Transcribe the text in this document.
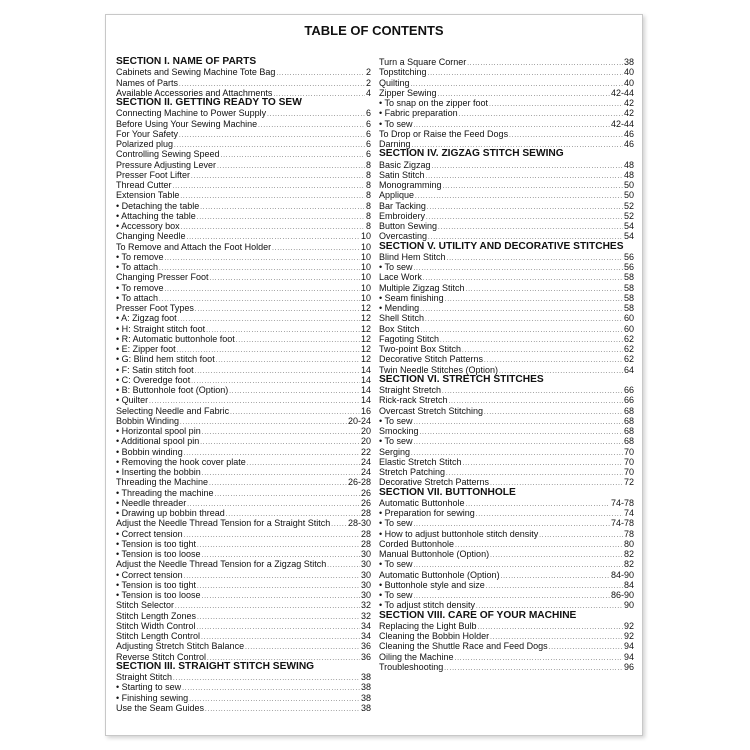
TABLE OF CONTENTS
SECTION I. NAME OF PARTS
Cabinets and Sewing Machine Tote Bag .....	2
Names of Parts .....	2
Available Accessories and Attachments .....	4
SECTION II. GETTING READY TO SEW
Connecting Machine to Power Supply .....	6
Before Using Your Sewing Machine .....	6
For Your Safety .....	6
Polarized plug .....	6
Controlling Sewing Speed .....	6
Pressure Adjusting Lever .....	8
Presser Foot Lifter .....	8
Thread Cutter .....	8
Extension Table .....	8
• Detaching the table .....	8
• Attaching the table .....	8
• Accessory box .....	8
Changing Needle .....	10
To Remove and Attach the Foot Holder .....	10
• To remove .....	10
• To attach .....	10
Changing Presser Foot .....	10
• To remove .....	10
• To attach .....	10
Presser Foot Types .....	12
• A: Zigzag foot .....	12
• H: Straight stitch foot .....	12
• R: Automatic buttonhole foot .....	12
• E: Zipper foot .....	12
• G: Blind hem stitch foot .....	12
• F: Satin stitch foot .....	14
• C: Overedge foot .....	14
• B: Buttonhole foot (Option) .....	14
• Quilter .....	14
Selecting Needle and Fabric .....	16
Bobbin Winding .....	20-24
• Horizontal spool pin .....	20
• Additional spool pin .....	20
• Bobbin winding .....	22
• Removing the hook cover plate .....	24
• Inserting the bobbin .....	24
Threading the Machine .....	26-28
• Threading the machine .....	26
• Needle threader .....	26
• Drawing up bobbin thread .....	28
Adjust the Needle Thread Tension for a Straight Stitch ..... 28-30
• Correct tension .....	28
• Tension is too tight .....	28
• Tension is too loose .....	30
Adjust the Needle Thread Tension for a Zigzag Stitch .....	30
• Correct tension .....	30
• Tension is too tight .....	30
• Tension is too loose .....	30
Stitch Selector .....	32
Stitch Length Zones .....	32
Stitch Width Control .....	34
Stitch Length Control .....	34
Adjusting Stretch Stitch Balance .....	36
Reverse Stitch Control .....	36
SECTION III. STRAIGHT STITCH SEWING
Straight Stitch .....	38
• Starting to sew .....	38
• Finishing sewing .....	38
Use the Seam Guides .....	38
Turn a Square Corner .....	38
Topstitching .....	40
Quilting .....	40
Zipper Sewing .....	42-44
• To snap on the zipper foot .....	42
• Fabric preparation .....	42
• To sew .....	42-44
To Drop or Raise the Feed Dogs .....	46
Darning .....	46
SECTION IV. ZIGZAG STITCH SEWING
Basic Zigzag .....	48
Satin Stitch .....	48
Monogramming .....	50
Applique .....	50
Bar Tacking .....	52
Embroidery .....	52
Button Sewing .....	54
Overcasting .....	54
SECTION V. UTILITY AND DECORATIVE STITCHES
Blind Hem Stitch .....	56
• To sew .....	56
Lace Work .....	58
Multiple Zigzag Stitch .....	58
• Seam finishing .....	58
• Mending .....	58
Shell Stitch .....	60
Box Stitch .....	60
Fagoting Stitch .....	62
Two-point Box Stitch .....	62
Decorative Stitch Patterns .....	62
Twin Needle Stitches (Option) .....	64
SECTION VI. STRETCH STITCHES
Straight Stretch .....	66
Rick-rack Stretch .....	66
Overcast Stretch Stitching .....	68
• To sew .....	68
Smocking .....	68
• To sew .....	68
Serging .....	70
Elastic Stretch Stitch .....	70
Stretch Patching .....	70
Decorative Stretch Patterns .....	72
SECTION VII. BUTTONHOLE
Automatic Buttonhole .....	74-78
• Preparation for sewing .....	74
• To sew .....	74-78
• How to adjust buttonhole stitch density .....	78
Corded Buttonhole .....	80
Manual Buttonhole (Option) .....	82
• To sew .....	82
Automatic Buttonhole (Option) .....	84-90
• Buttonhole style and size .....	84
• To sew .....	86-90
• To adjust stitch density .....	90
SECTION VIII. CARE OF YOUR MACHINE
Replacing the Light Bulb .....	92
Cleaning the Bobbin Holder .....	92
Cleaning the Shuttle Race and Feed Dogs .....	94
Oiling the Machine .....	94
Troubleshooting .....	96
